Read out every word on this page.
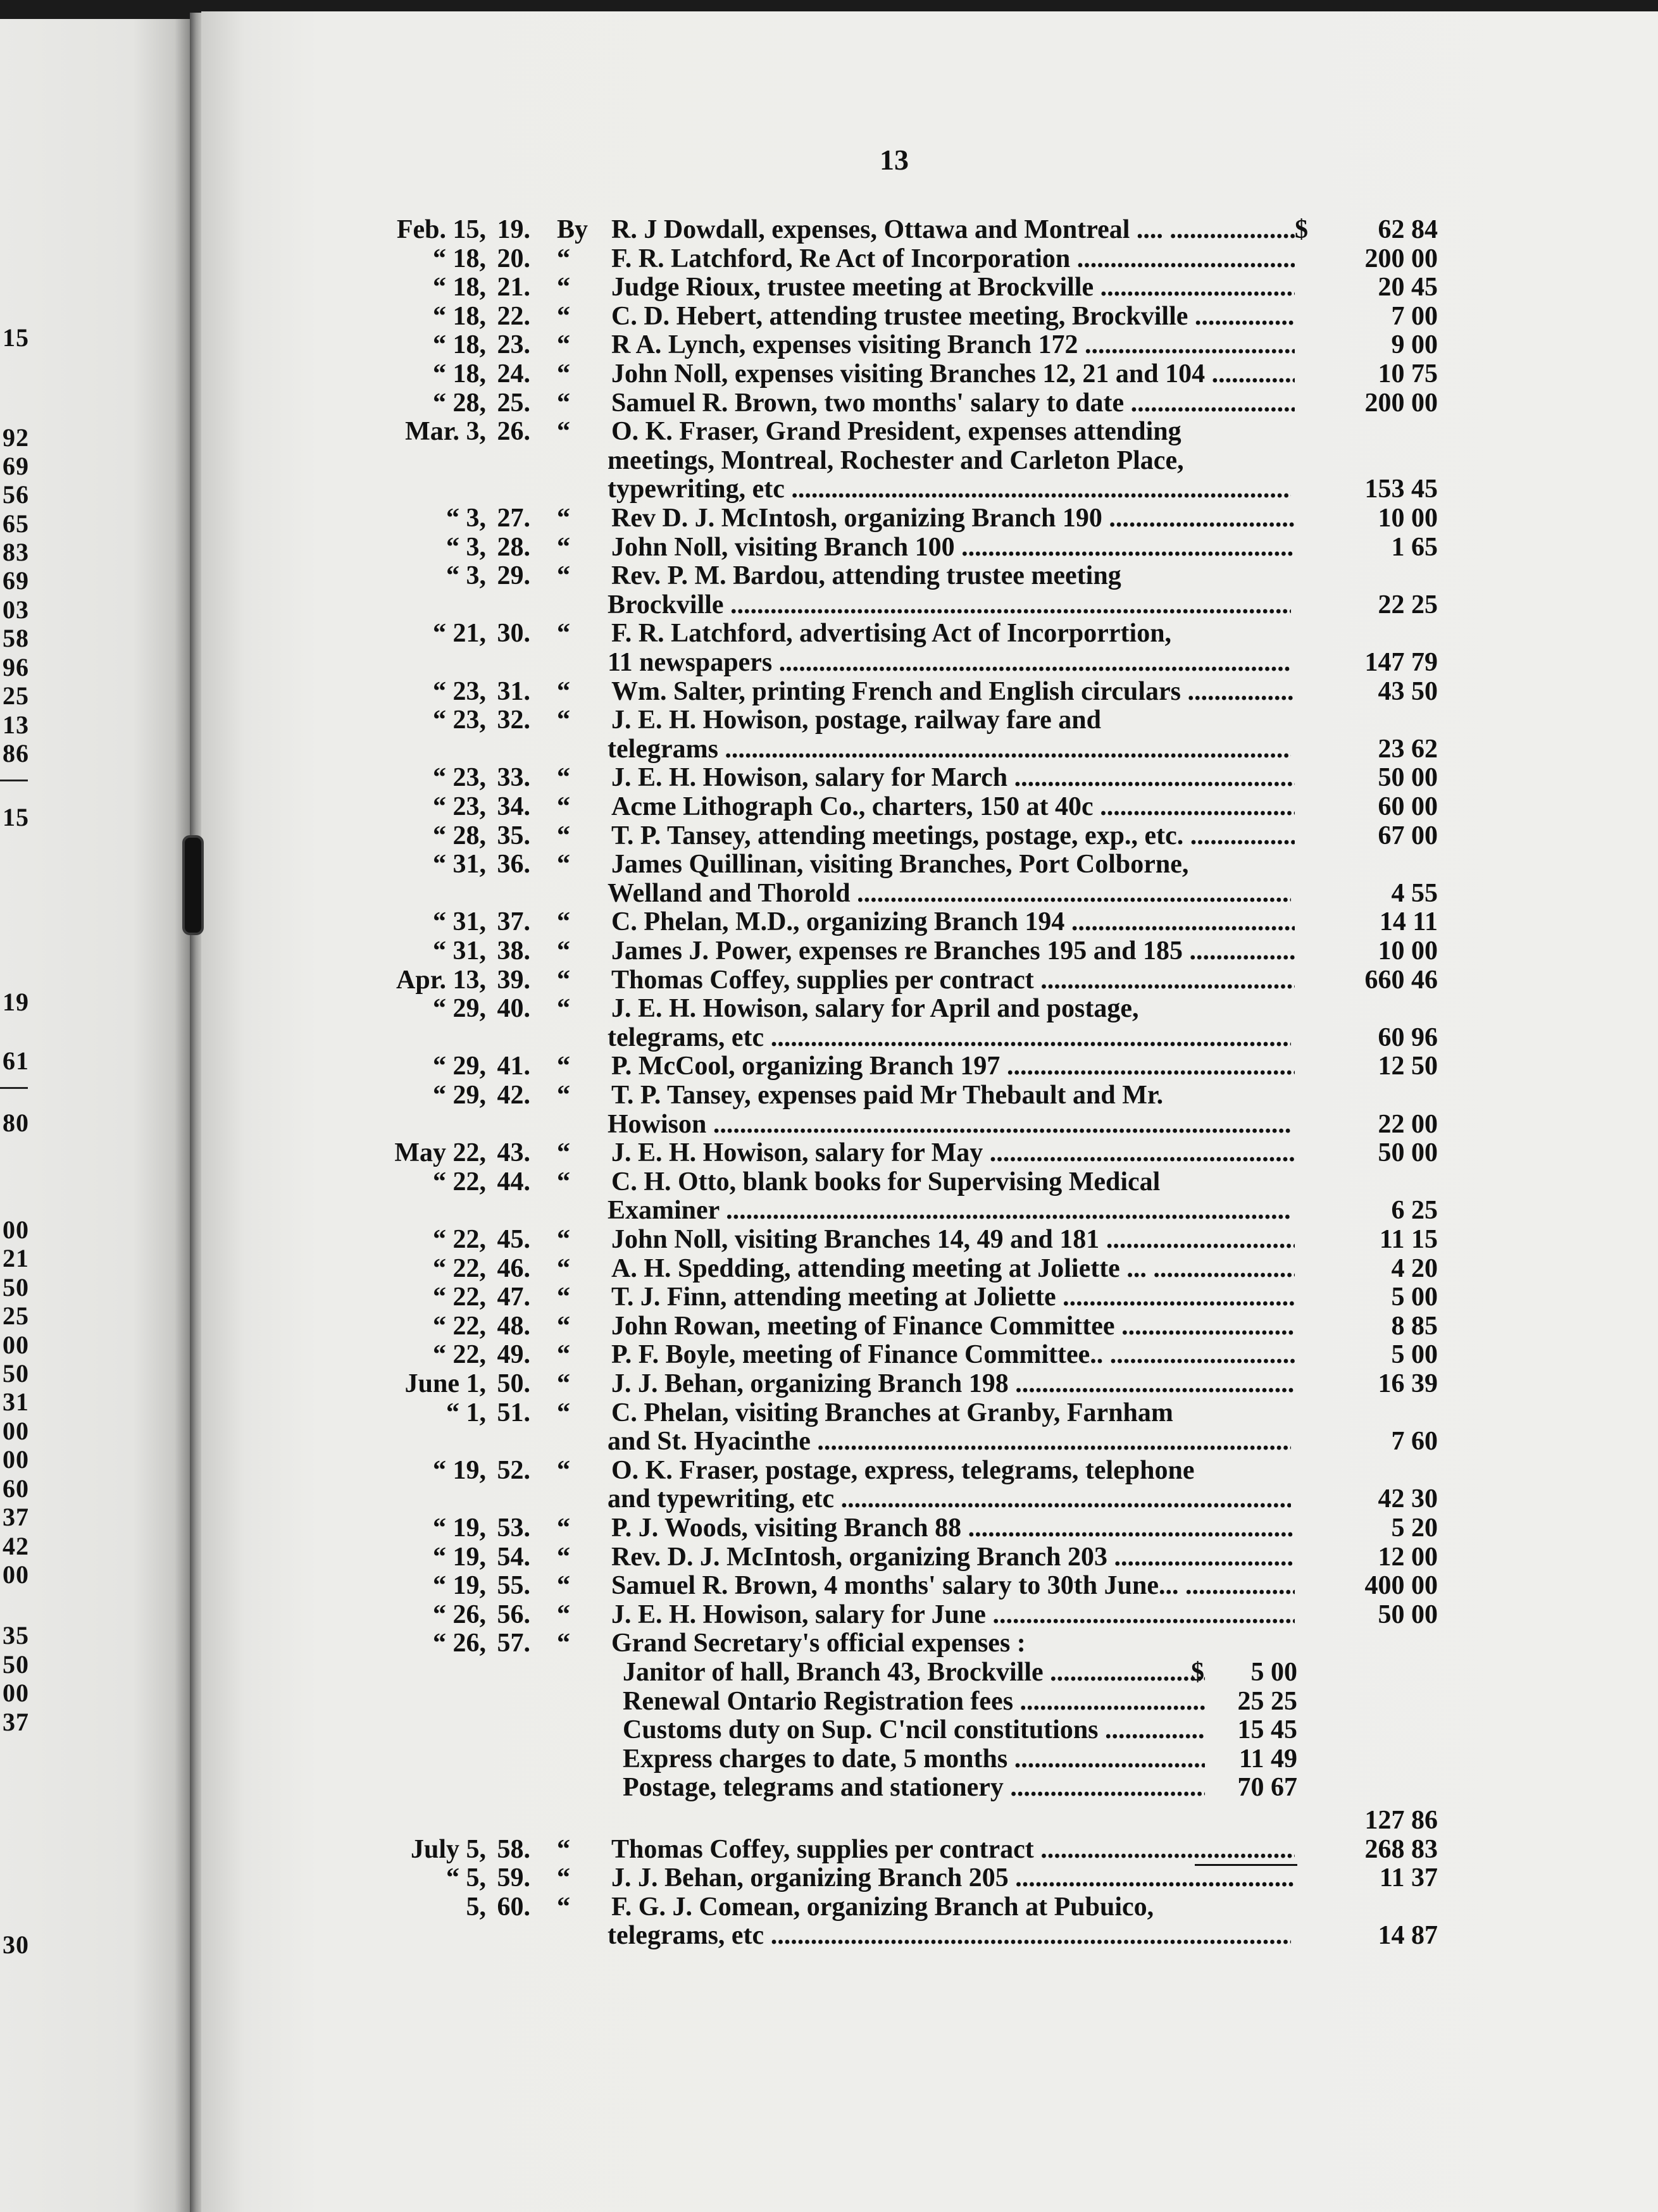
15
92
69
56
65
83
69
03
58
96
25
13
86
15
19
61
80
00
21
50
25
00
50
31
00
00
60
37
42
00
35
50
00
37
30
13
Feb. 15, 19. By R. J Dowdall, expenses, Ottawa and Montreal .... .....	$	62 84
“ 18, 20. “ F. R. Latchford, Re Act of Incorporation .....	200 00
“ 18, 21. “ Judge Rioux, trustee meeting at Brockville .....	20 45
“ 18, 22. “ C. D. Hebert, attending trustee meeting, Brockville .....	7 00
“ 18, 23. “ R A. Lynch, expenses visiting Branch 172 .....	9 00
“ 18, 24. “ John Noll, expenses visiting Branches 12, 21 and 104 .....	10 75
“ 28, 25. “ Samuel R. Brown, two months' salary to date .....	200 00
Mar. 3, 26. “ O. K. Fraser, Grand President, expenses attending
meetings, Montreal, Rochester and Carleton Place,
typewriting, etc .....	153 45
“ 3, 27. “ Rev D. J. McIntosh, organizing Branch 190 .....	10 00
“ 3, 28. “ John Noll, visiting Branch 100 .....	1 65
“ 3, 29. “ Rev. P. M. Bardou, attending trustee meeting
Brockville .....	22 25
“ 21, 30. “ F. R. Latchford, advertising Act of Incorporrtion,
11 newspapers .....	147 79
“ 23, 31. “ Wm. Salter, printing French and English circulars .....	43 50
“ 23, 32. “ J. E. H. Howison, postage, railway fare and
telegrams .....	23 62
“ 23, 33. “ J. E. H. Howison, salary for March .....	50 00
“ 23, 34. “ Acme Lithograph Co., charters, 150 at 40c .....	60 00
“ 28, 35. “ T. P. Tansey, attending meetings, postage, exp., etc. .....	67 00
“ 31, 36. “ James Quillinan, visiting Branches, Port Colborne,
Welland and Thorold .....	4 55
“ 31, 37. “ C. Phelan, M.D., organizing Branch 194 .....	14 11
“ 31, 38. “ James J. Power, expenses re Branches 195 and 185 .....	10 00
Apr. 13, 39. “ Thomas Coffey, supplies per contract .....	660 46
“ 29, 40. “ J. E. H. Howison, salary for April and postage,
telegrams, etc .....	60 96
“ 29, 41. “ P. McCool, organizing Branch 197 .....	12 50
“ 29, 42. “ T. P. Tansey, expenses paid Mr Thebault and Mr.
Howison .....	22 00
May 22, 43. “ J. E. H. Howison, salary for May .....	50 00
“ 22, 44. “ C. H. Otto, blank books for Supervising Medical
Examiner .....	6 25
“ 22, 45. “ John Noll, visiting Branches 14, 49 and 181 .....	11 15
“ 22, 46. “ A. H. Spedding, attending meeting at Joliette ... .....	4 20
“ 22, 47. “ T. J. Finn, attending meeting at Joliette .....	5 00
“ 22, 48. “ John Rowan, meeting of Finance Committee .....	8 85
“ 22, 49. “ P. F. Boyle, meeting of Finance Committee.. .....	5 00
June 1, 50. “ J. J. Behan, organizing Branch 198 .....	16 39
“ 1, 51. “ C. Phelan, visiting Branches at Granby, Farnham
and St. Hyacinthe .....	7 60
“ 19, 52. “ O. K. Fraser, postage, express, telegrams, telephone
and typewriting, etc .....	42 30
“ 19, 53. “ P. J. Woods, visiting Branch 88 .....	5 20
“ 19, 54. “ Rev. D. J. McIntosh, organizing Branch 203 .....	12 00
“ 19, 55. “ Samuel R. Brown, 4 months' salary to 30th June... .....	400 00
“ 26, 56. “ J. E. H. Howison, salary for June .....	50 00
“ 26, 57. “ Grand Secretary's official expenses :
Janitor of hall, Branch 43, Brockville .....	$	5 00
Renewal Ontario Registration fees .....	25 25
Customs duty on Sup. C'ncil constitutions .....	15 45
Express charges to date, 5 months .....	11 49
Postage, telegrams and stationery .....	70 67
127 86
July 5, 58. “ Thomas Coffey, supplies per contract .....	268 83
“ 5, 59. “ J. J. Behan, organizing Branch 205 .....	11 37
5, 60. “ F. G. J. Comean, organizing Branch at Pubuico,
telegrams, etc .....	14 87
